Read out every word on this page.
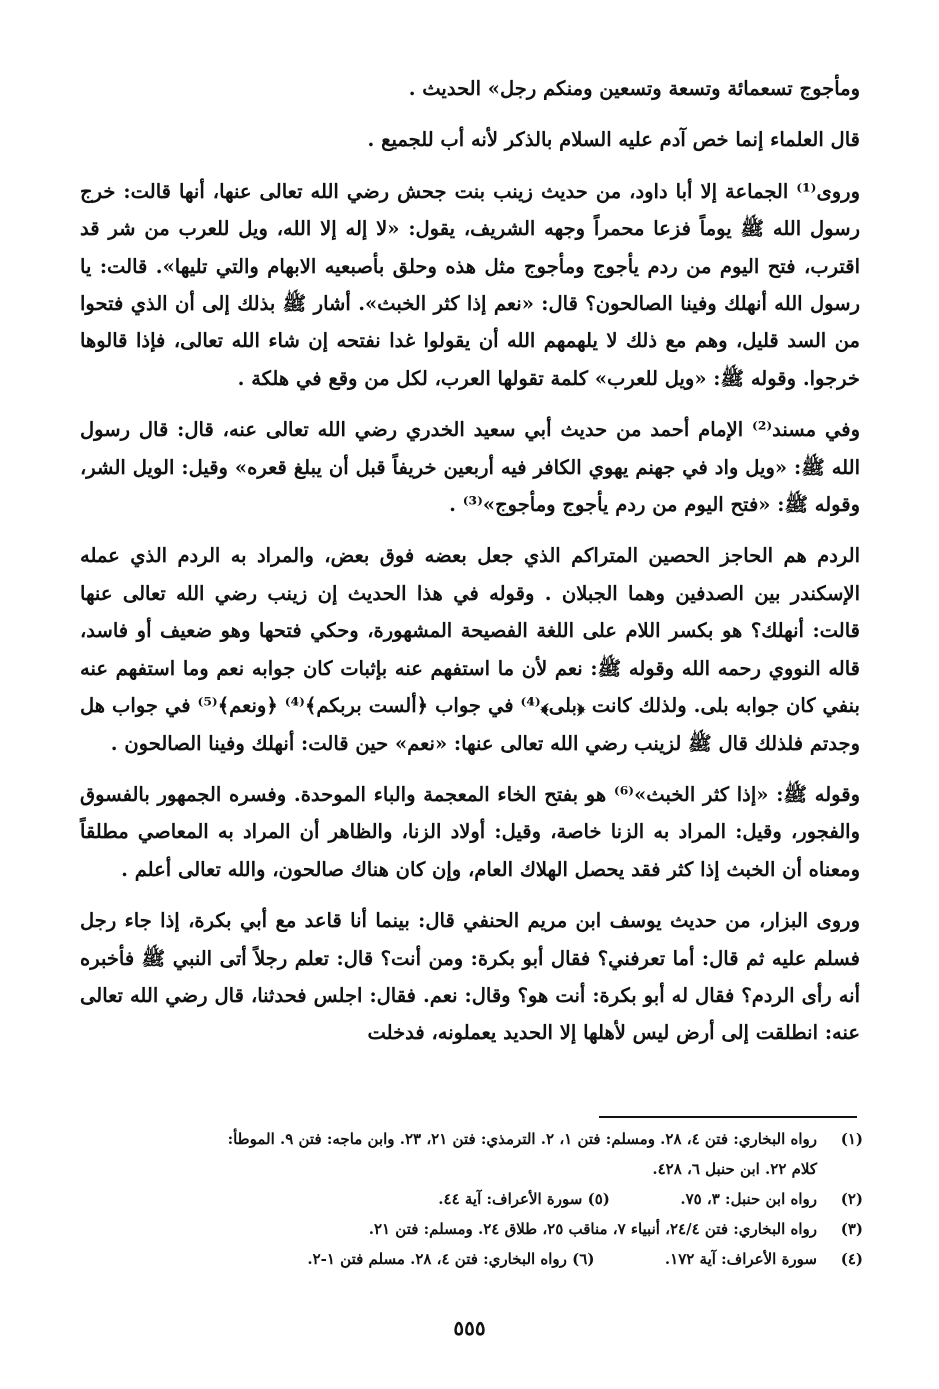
ومأجوج تسعمائة وتسعة وتسعين ومنكم رجل» الحديث .

قال العلماء إنما خص آدم عليه السلام بالذكر لأنه أب للجميع .

وروى⁽¹⁾ الجماعة إلا أبا داود، من حديث زينب بنت جحش رضي الله تعالى عنها، أنها قالت: خرج رسول الله ﷺ يوماً فزعا محمراً وجهه الشريف، يقول: «لا إله إلا الله، ويل للعرب من شر قد اقترب، فتح اليوم من ردم يأجوج ومأجوج مثل هذه وحلق بأصبعيه الابهام والتي تليها». قالت: يا رسول الله أنهلك وفينا الصالحون؟ قال: «نعم إذا كثر الخبث». أشار ﷺ بذلك إلى أن الذي فتحوا من السد قليل، وهم مع ذلك لا يلهمهم الله أن يقولوا غدا نفتحه إن شاء الله تعالى، فإذا قالوها خرجوا. وقوله ﷺ: «ويل للعرب» كلمة تقولها العرب، لكل من وقع في هلكة .

وفي مسند⁽²⁾ الإمام أحمد من حديث أبي سعيد الخدري رضي الله تعالى عنه، قال: قال رسول الله ﷺ: «ويل واد في جهنم يهوي الكافر فيه أربعين خريفاً قبل أن يبلغ قعره» وقيل: الويل الشر، وقوله ﷺ: «فتح اليوم من ردم يأجوج ومأجوج»⁽³⁾ .

الردم هم الحاجز الحصين المتراكم الذي جعل بعضه فوق بعض، والمراد به الردم الذي عمله الإسكندر بين الصدفين وهما الجبلان . وقوله في هذا الحديث إن زينب رضي الله تعالى عنها قالت: أنهلك؟ هو بكسر اللام على اللغة الفصيحة المشهورة، وحكي فتحها وهو ضعيف أو فاسد، قاله النووي رحمه الله وقوله ﷺ: نعم لأن ما استفهم عنه بإثبات كان جوابه نعم وما استفهم عنه بنفي كان جوابه بلى. ولذلك كانت ﴿بلى﴾⁽⁴⁾ في جواب ﴿ألست بربكم﴾⁽⁴⁾ ﴿ونعم﴾⁽⁵⁾ في جواب هل وجدتم فلذلك قال ﷺ لزينب رضي الله تعالى عنها: «نعم» حين قالت: أنهلك وفينا الصالحون .

وقوله ﷺ: «إذا كثر الخبث»⁽⁶⁾ هو بفتح الخاء المعجمة والباء الموحدة. وفسره الجمهور بالفسوق والفجور، وقيل: المراد به الزنا خاصة، وقيل: أولاد الزنا، والظاهر أن المراد به المعاصي مطلقاً ومعناه أن الخبث إذا كثر فقد يحصل الهلاك العام، وإن كان هناك صالحون، والله تعالى أعلم .

وروى البزار، من حديث يوسف ابن مريم الحنفي قال: بينما أنا قاعد مع أبي بكرة، إذا جاء رجل فسلم عليه ثم قال: أما تعرفني؟ فقال أبو بكرة: ومن أنت؟ قال: تعلم رجلاً أتى النبي ﷺ فأخبره أنه رأى الردم؟ فقال له أبو بكرة: أنت هو؟ وقال: نعم. فقال: اجلس فحدثنا، قال رضي الله تعالى عنه: انطلقت إلى أرض ليس لأهلها إلا الحديد يعملونه، فدخلت

(١)
رواه البخاري: فتن ٤، ٢٨. ومسلم: فتن ١، ٢. الترمذي: فتن ٢١، ٢٣. وابن ماجه: فتن ٩. الموطأ:
كلام ٢٢. ابن حنبل ٦، ٤٢٨.
(٢)
رواه ابن حنبل: ٣، ٧٥.  (٥) سورة الأعراف: آية ٤٤.
(٣)
رواه البخاري: فتن ٢٤/٤، أنبياء ٧، مناقب ٢٥، طلاق ٢٤. ومسلم: فتن ٢١.
(٤)
سورة الأعراف: آية ١٧٢.  (٦) رواه البخاري: فتن ٤، ٢٨. مسلم فتن ١-٢.
٥٥٥
